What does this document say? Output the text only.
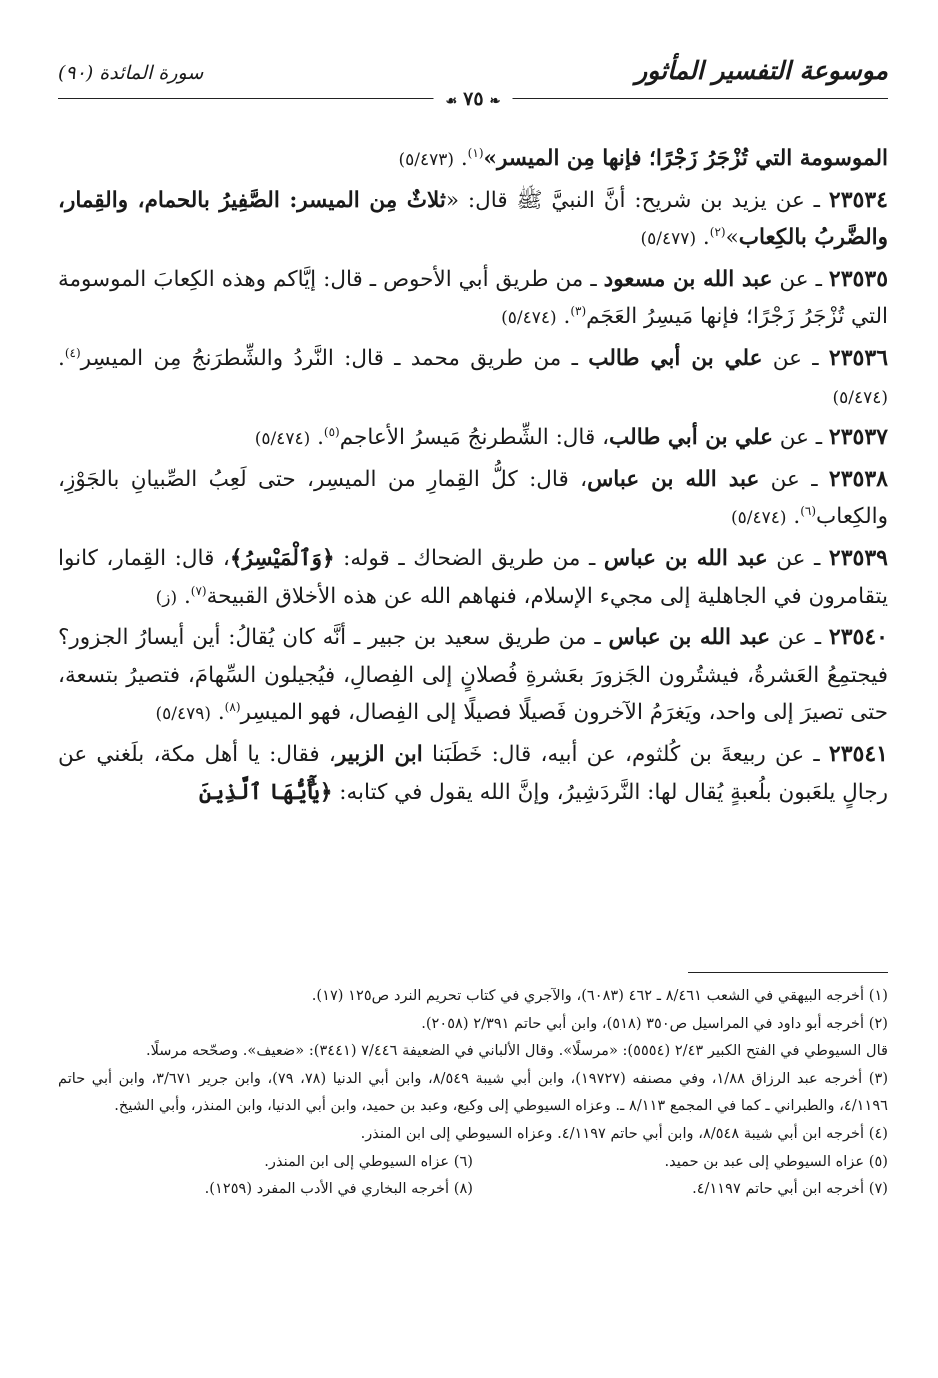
موسوعة التفسير المأثور
سورة المائدة (٩٠)
❧٧٥☙

الموسومة التي تُزْجَرُ زَجْرًا؛ فإنها مِن الميسر»$^{(١)}$. (٥/٤٧٣)

٢٣٥٣٤ ـ عن يزيد بن شريح: أنَّ النبيَّ ﷺ قال: «ثلاثٌ مِن الميسر: الصَّفِيرُ بالحمام، والقِمار، والضَّربُ بالكِعاب»$^{(٢)}$. (٥/٤٧٧)

٢٣٥٣٥ ـ عن عبد الله بن مسعود ـ من طريق أبي الأحوص ـ قال: إيَّاكم وهذه الكِعابَ الموسومة التي تُزْجَرُ زَجْرًا؛ فإنها مَيسِرُ العَجَم$^{(٣)}$. (٥/٤٧٤)

٢٣٥٣٦ ـ عن علي بن أبي طالب ـ من طريق محمد ـ قال: النَّردُ والشِّطرَنجُ مِن الميسِر$^{(٤)}$. (٥/٤٧٤)

٢٣٥٣٧ ـ عن علي بن أبي طالب، قال: الشِّطرنجُ مَيسرُ الأعاجم$^{(٥)}$. (٥/٤٧٤)

٢٣٥٣٨ ـ عن عبد الله بن عباس، قال: كلُّ القِمارِ من الميسِر، حتى لَعِبُ الصِّبيانِ بالجَوْزِ، والكِعاب$^{(٦)}$. (٥/٤٧٤)

٢٣٥٣٩ ـ عن عبد الله بن عباس ـ من طريق الضحاك ـ قوله: ﴿وَٱلْمَيْسِرُ﴾، قال: القِمار، كانوا يتقامرون في الجاهلية إلى مجيء الإسلام، فنهاهم الله عن هذه الأخلاق القبيحة$^{(٧)}$. (ز)

٢٣٥٤٠ ـ عن عبد الله بن عباس ـ من طريق سعيد بن جبير ـ أنَّه كان يُقالُ: أين أيسارُ الجزور؟ فيجتمِعُ العَشرةُ، فيشتُرون الجَزورَ بعَشرةِ فُصلانٍ إلى الفِصالِ، فيُجيلون السِّهامَ، فتصيرُ بتسعة، حتى تصيرَ إلى واحد، ويَغرَمُ الآخرون فَصيلًا فصيلًا إلى الفِصال، فهو الميسِر$^{(٨)}$. (٥/٤٧٩)

٢٣٥٤١ ـ عن ربيعةَ بن كُلثوم، عن أبيه، قال: خَطَبَنا ابن الزبير، فقال: يا أهل مكة، بلَغني عن رجالٍ يلعَبون بلُعبةٍ يُقال لها: النَّردَشِيرُ، وإنَّ الله يقول في كتابه: ﴿يَٰٓأَيُّهَا ٱلَّذِينَ

(١) أخرجه البيهقي في الشعب ٨/٤٦١ ـ ٤٦٢ (٦٠٨٣)، والآجري في كتاب تحريم النرد ص١٢٥ (١٧).

(٢) أخرجه أبو داود في المراسيل ص٣٥٠ (٥١٨)، وابن أبي حاتم ٢/٣٩١ (٢٠٥٨).

قال السيوطي في الفتح الكبير ٢/٤٣ (٥٥٥٤): «مرسلًا». وقال الألباني في الضعيفة ٧/٤٤٦ (٣٤٤١): «ضعيف». وصحّحه مرسلًا.

(٣) أخرجه عبد الرزاق ١/٨٨، وفي مصنفه (١٩٧٢٧)، وابن أبي شيبة ٨/٥٤٩، وابن أبي الدنيا (٧٨، ٧٩)، وابن جرير ٣/٦٧١، وابن أبي حاتم ٤/١١٩٦، والطبراني ـ كما في المجمع ٨/١١٣ ـ. وعزاه السيوطي إلى وكيع، وعبد بن حميد، وابن أبي الدنيا، وابن المنذر، وأبي الشيخ.

(٤) أخرجه ابن أبي شيبة ٨/٥٤٨، وابن أبي حاتم ٤/١١٩٧. وعزاه السيوطي إلى ابن المنذر.

(٥) عزاه السيوطي إلى عبد بن حميد.

(٦) عزاه السيوطي إلى ابن المنذر.

(٧) أخرجه ابن أبي حاتم ٤/١١٩٧.

(٨) أخرجه البخاري في الأدب المفرد (١٢٥٩).
